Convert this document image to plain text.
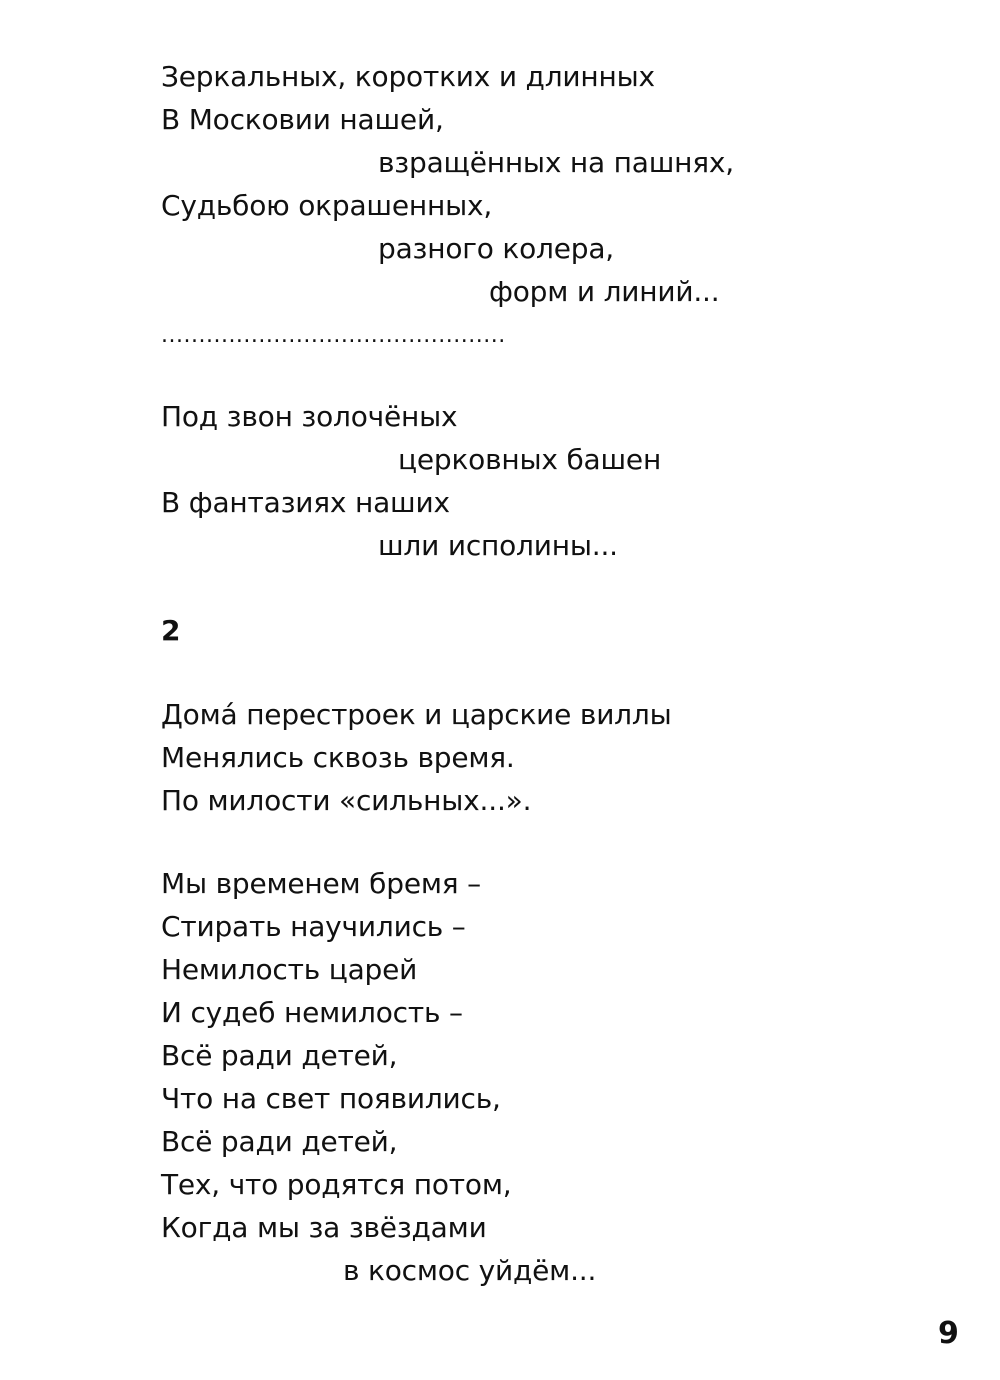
Зеркальных, коротких и длинных
В Московии нашей,
взращённых на пашнях,
Судьбою окрашенных,
разного колера,
форм и линий...
..............................................
Под звон золочёных
церковных башен
В фантазиях наших
шли исполины...
2
Домá перестроек и царские виллы
Менялись сквозь время.
По милости «сильных...».
Мы временем бремя –
Стирать научились –
Немилость царей
И судеб немилость –
Всё ради детей,
Что на свет появились,
Всё ради детей,
Тех, что родятся потом,
Когда мы за звёздами
в космос уйдём...
9
